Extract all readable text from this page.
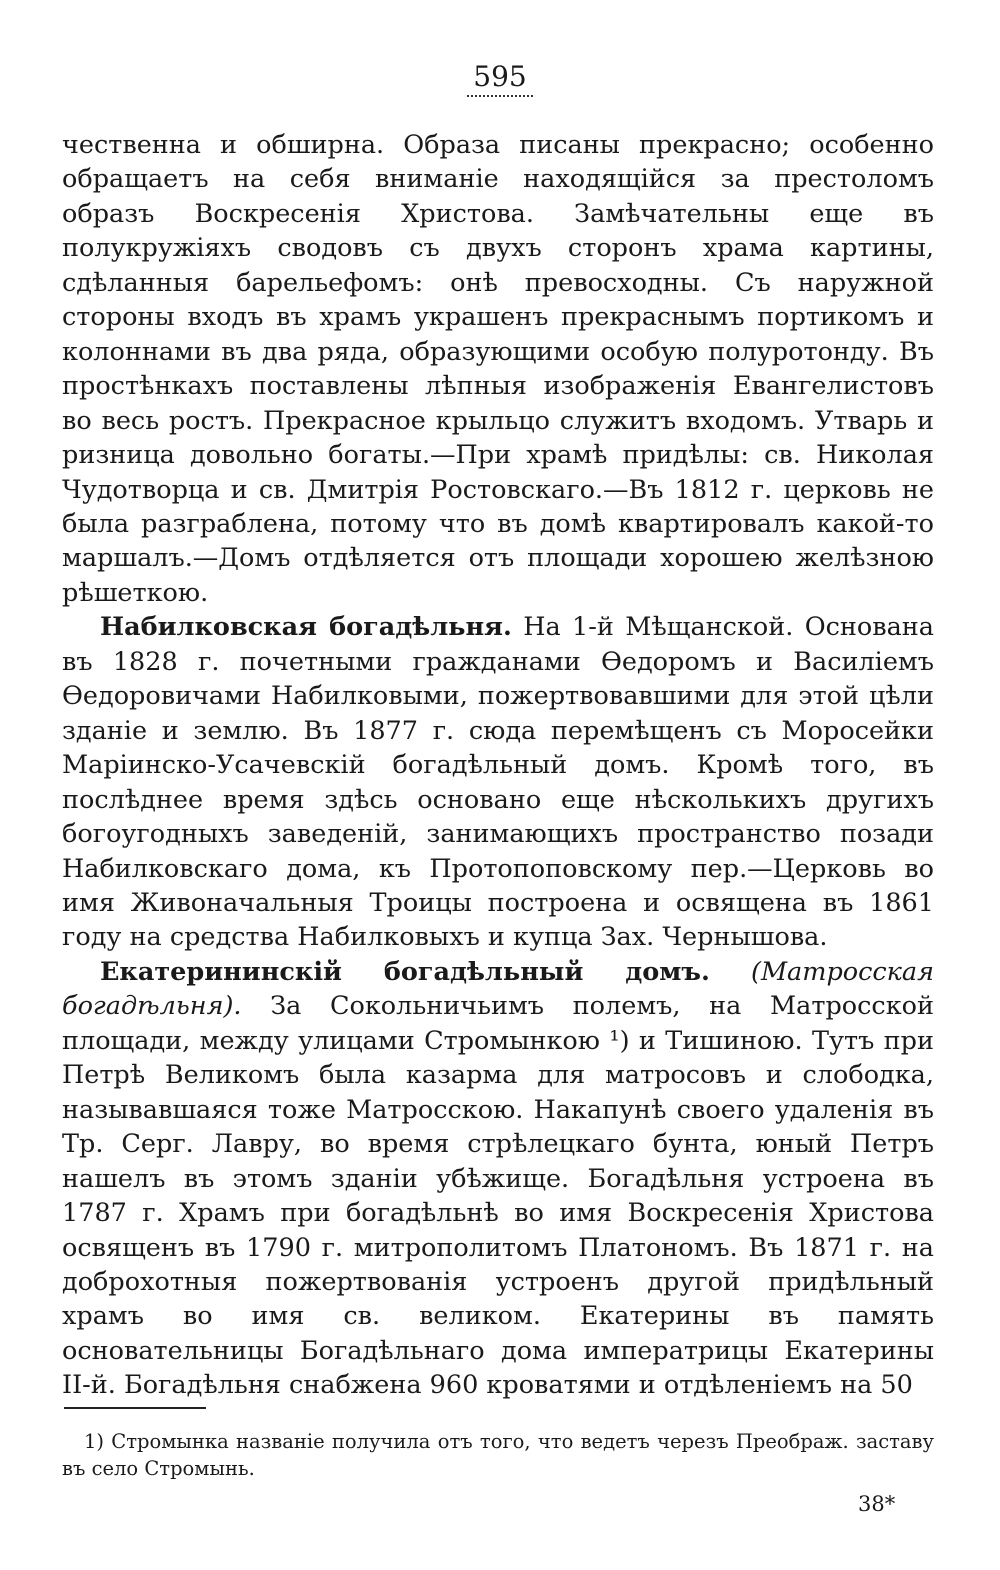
595

чественна и обширна. Образа писаны прекрасно; особенно обращаетъ на себя вниманіе находящійся за престоломъ образъ Воскресенія Христова. Замѣчательны еще въ полукружіяхъ сводовъ съ двухъ сторонъ храма картины, сдѣланныя барельефомъ: онѣ превосходны. Съ наружной стороны входъ въ храмъ украшенъ прекраснымъ портикомъ и колоннами въ два ряда, образующими особую полуротонду. Въ простѣнкахъ поставлены лѣпныя изображенія Евангелистовъ во весь ростъ. Прекрасное крыльцо служитъ входомъ. Утварь и ризница довольно богаты.—При храмѣ придѣлы: св. Николая Чудотворца и св. Дмитрія Ростовскаго.—Въ 1812 г. церковь не была разграблена, потому что въ домѣ квартировалъ какой-то маршалъ.—Домъ отдѣляется отъ площади хорошею желѣзною рѣшеткою.

Набилковская богадѣльня. На 1-й Мѣщанской. Основана въ 1828 г. почетными гражданами Ѳедоромъ и Василіемъ Ѳедоровичами Набилковыми, пожертвовавшими для этой цѣли зданіе и землю. Въ 1877 г. сюда перемѣщенъ съ Моросейки Маріинско-Усачевскій богадѣльный домъ. Кромѣ того, въ послѣднее время здѣсь основано еще нѣсколькихъ другихъ богоугодныхъ заведеній, занимающихъ пространство позади Набилковскаго дома, къ Протопоповскому пер.—Церковь во имя Живоначальныя Троицы построена и освящена въ 1861 году на средства Набилковыхъ и купца Зах. Чернышова.

Екатерининскій богадѣльный домъ. (Матросская богадѣльня). За Сокольничьимъ полемъ, на Матросской площади, между улицами Стромынкою ¹) и Тишиною. Тутъ при Петрѣ Великомъ была казарма для матросовъ и слободка, называвшаяся тоже Матросскою. Накапунѣ своего удаленія въ Тр. Серг. Лавру, во время стрѣлецкаго бунта, юный Петръ нашелъ въ этомъ зданіи убѣжище. Богадѣльня устроена въ 1787 г. Храмъ при богадѣльнѣ во имя Воскресенія Христова освященъ въ 1790 г. митрополитомъ Платономъ. Въ 1871 г. на доброхотныя пожертвованія устроенъ другой придѣльный храмъ во имя св. великом. Екатерины въ память основательницы Богадѣльнаго дома императрицы Екатерины II-й. Богадѣльня снабжена 960 кроватями и отдѣленіемъ на 50

1) Стромынка названіе получила отъ того, что ведетъ черезъ Преображ. заставу въ село Стромынь.
38*
